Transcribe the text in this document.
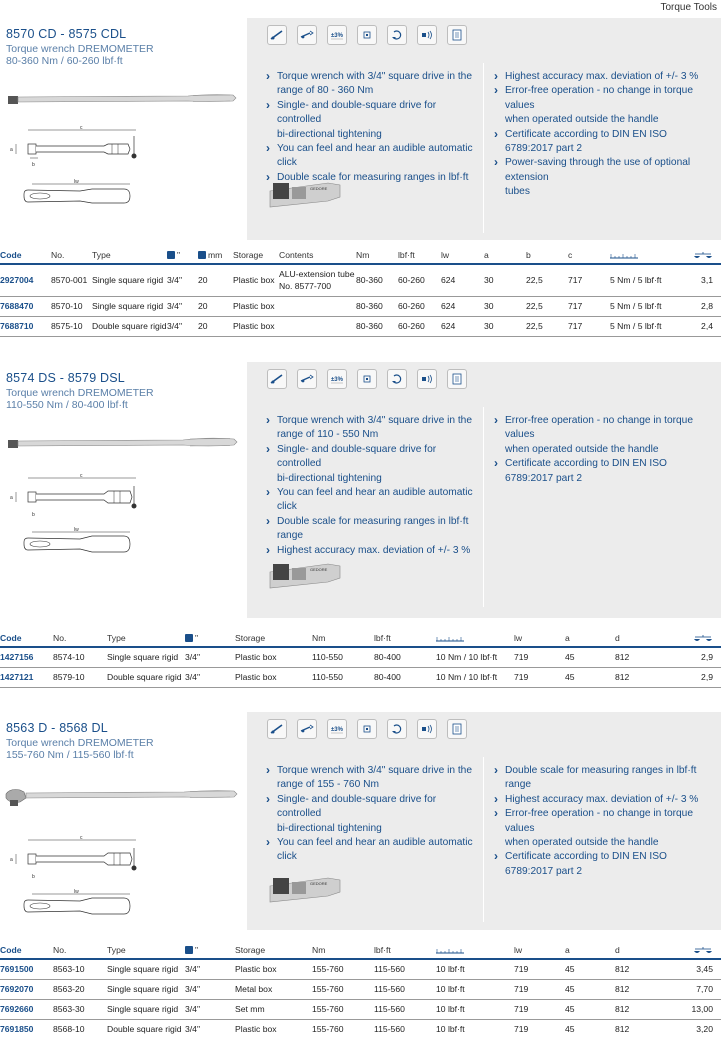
Torque Tools
8570 CD - 8575 CDL
Torque wrench DREMOMETER
80-360 Nm / 60-260 lbf·ft
±3%
› Torque wrench with 3/4" square drive in the
range of 80 - 360 Nm
› Single- and double-square drive for controlled
bi-directional tightening
› You can feel and hear an audible automatic click
› Double scale for measuring ranges in lbf·ft
› Highest accuracy max. deviation of +/- 3 %
› Error-free operation - no change in torque values
when operated outside the handle
› Certificate according to DIN EN ISO 6789:2017 part 2
› Power-saving through the use of optional extension
tubes
c
a
b
lw
GEDORE
Code	No.	Type	"	mm	Storage	Contents	Nm	lbf·ft	lw	a	b	c		
2927004	8570-001	Single square rigid	3/4"	20	Plastic box	ALU-extension tube
No. 8577-700	80-360	60-260	624	30	22,5	717	5 Nm / 5 lbf·ft	3,1
7688470	8570-10	Single square rigid	3/4"	20	Plastic box		80-360	60-260	624	30	22,5	717	5 Nm / 5 lbf·ft	2,8
7688710	8575-10	Double square rigid	3/4"	20	Plastic box		80-360	60-260	624	30	22,5	717	5 Nm / 5 lbf·ft	2,4
8574 DS - 8579 DSL
Torque wrench DREMOMETER
110-550 Nm / 80-400 lbf·ft
±3%
› Torque wrench with 3/4" square drive in the
range of 110 - 550 Nm
› Single- and double-square drive for controlled
bi-directional tightening
› You can feel and hear an audible automatic click
› Double scale for measuring ranges in lbf·ft range
› Highest accuracy max. deviation of +/- 3 %
› Error-free operation - no change in torque values
when operated outside the handle
› Certificate according to DIN EN ISO 6789:2017 part 2
c
a
b
lw
GEDORE
Code	No.	Type	"	Storage	Nm	lbf·ft		lw	a	d	
1427156	8574-10	Single square rigid	3/4"	Plastic box	110-550	80-400	10 Nm / 10 lbf·ft	719	45	812	2,9
1427121	8579-10	Double square rigid	3/4"	Plastic box	110-550	80-400	10 Nm / 10 lbf·ft	719	45	812	2,9
8563 D - 8568 DL
Torque wrench DREMOMETER
155-760 Nm / 115-560 lbf·ft
±3%
› Torque wrench with 3/4" square drive in the
range of 155 - 760 Nm
› Single- and double-square drive for controlled
bi-directional tightening
› You can feel and hear an audible automatic click
› Double scale for measuring ranges in lbf·ft range
› Highest accuracy max. deviation of +/- 3 %
› Error-free operation - no change in torque values
when operated outside the handle
› Certificate according to DIN EN ISO 6789:2017 part 2
c
a
b
lw
GEDORE
Code	No.	Type	"	Storage	Nm	lbf·ft		lw	a	d	
7691500	8563-10	Single square rigid	3/4"	Plastic box	155-760	115-560	10 lbf·ft	719	45	812	3,45
7692070	8563-20	Single square rigid	3/4"	Metal box	155-760	115-560	10 lbf·ft	719	45	812	7,70
7692660	8563-30	Single square rigid	3/4"	Set mm	155-760	115-560	10 lbf·ft	719	45	812	13,00
7691850	8568-10	Double square rigid	3/4"	Plastic box	155-760	115-560	10 lbf·ft	719	45	812	3,20
